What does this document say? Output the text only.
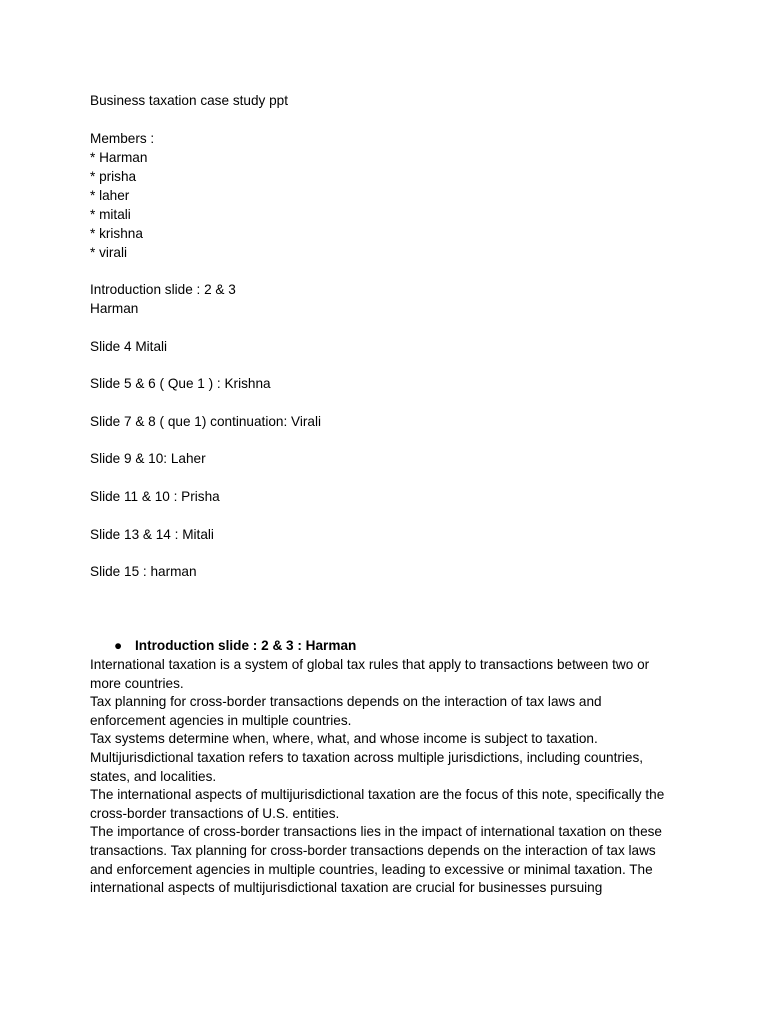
Business taxation case study ppt
Members :
* Harman
* prisha
* laher
* mitali
* krishna
* virali
Introduction slide : 2 & 3
Harman
Slide 4 Mitali
Slide 5 & 6 ( Que 1 ) : Krishna
Slide 7 & 8 ( que 1) continuation: Virali
Slide 9 & 10: Laher
Slide 11 & 10 : Prisha
Slide 13 & 14 : Mitali
Slide 15 : harman
● Introduction slide : 2 & 3 : Harman
International taxation is a system of global tax rules that apply to transactions between two or
more countries.
Tax planning for cross-border transactions depends on the interaction of tax laws and
enforcement agencies in multiple countries.
Tax systems determine when, where, what, and whose income is subject to taxation.
Multijurisdictional taxation refers to taxation across multiple jurisdictions, including countries,
states, and localities.
The international aspects of multijurisdictional taxation are the focus of this note, specifically the
cross-border transactions of U.S. entities.
The importance of cross-border transactions lies in the impact of international taxation on these
transactions. Tax planning for cross-border transactions depends on the interaction of tax laws
and enforcement agencies in multiple countries, leading to excessive or minimal taxation. The
international aspects of multijurisdictional taxation are crucial for businesses pursuing
